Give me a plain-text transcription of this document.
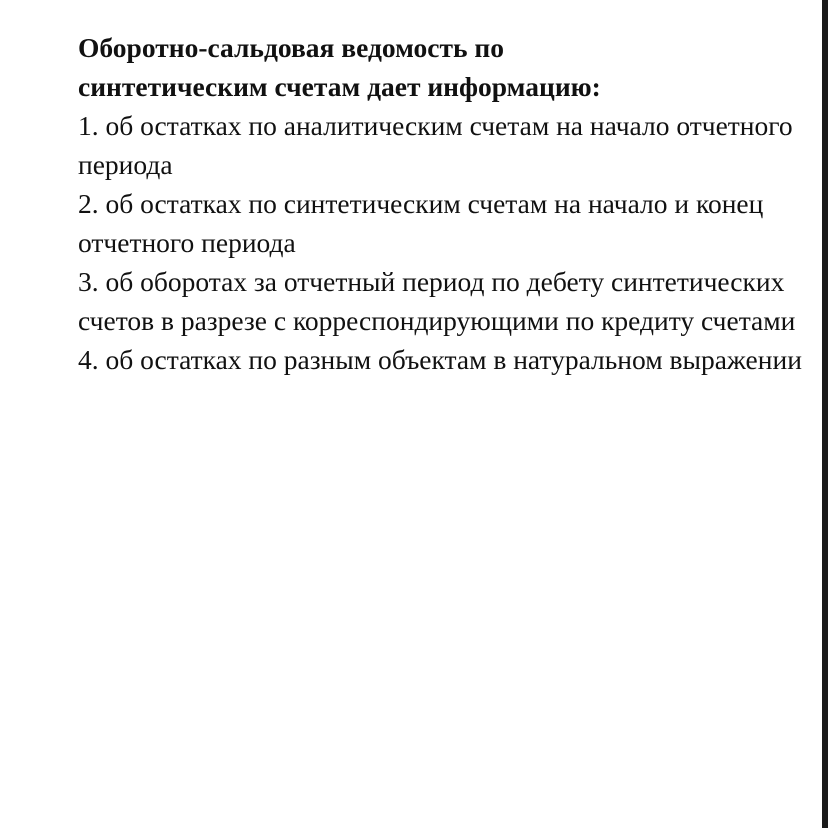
Оборотно-сальдовая ведомость по
синтетическим счетам дает информацию:

1. об остатках по аналитическим счетам на начало отчетного периода
2. об остатках по синтетическим счетам на начало и конец отчетного периода
3. об оборотах за отчетный период по дебету синтетических счетов в разрезе с корреспондирующими по кредиту счетами
4. об остатках по разным объектам в натуральном выражении
